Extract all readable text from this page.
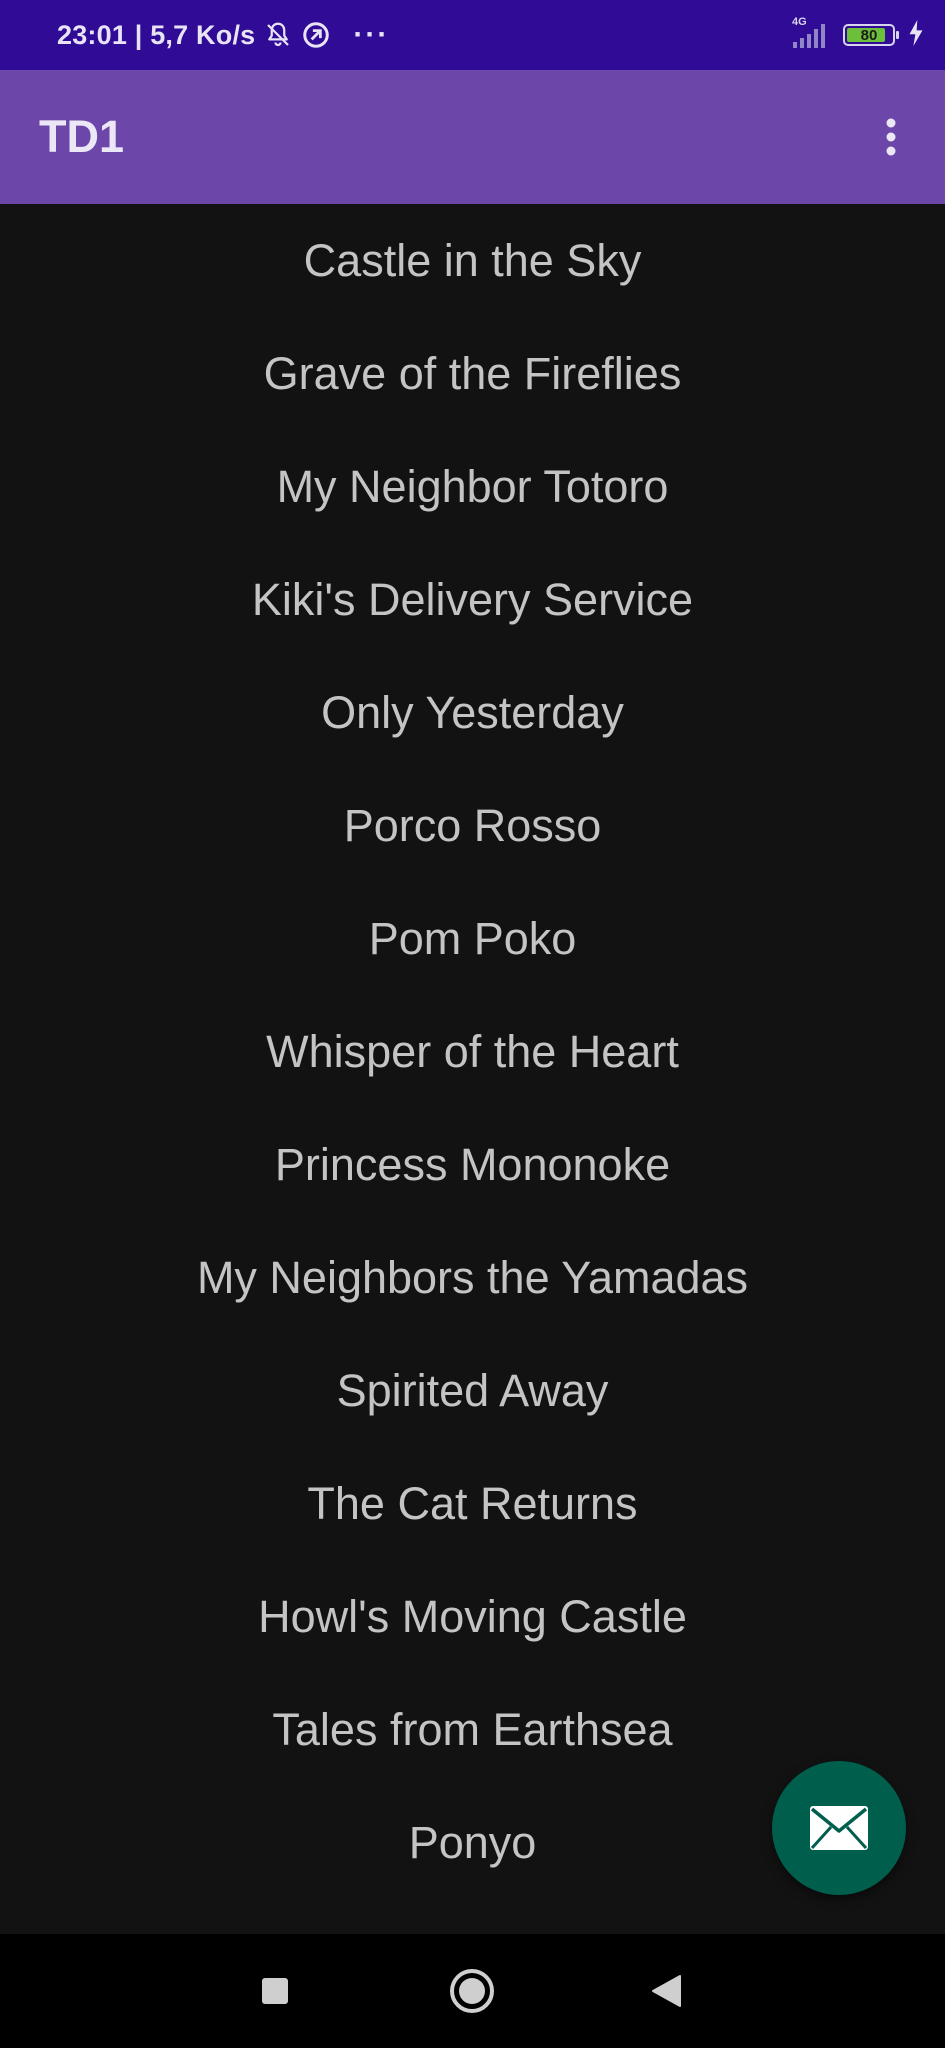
23:01 | 5,7 Ko/s	···	4G
80
TD1
Castle in the Sky
Grave of the Fireflies
My Neighbor Totoro
Kiki's Delivery Service
Only Yesterday
Porco Rosso
Pom Poko
Whisper of the Heart
Princess Mononoke
My Neighbors the Yamadas
Spirited Away
The Cat Returns
Howl's Moving Castle
Tales from Earthsea
Ponyo
